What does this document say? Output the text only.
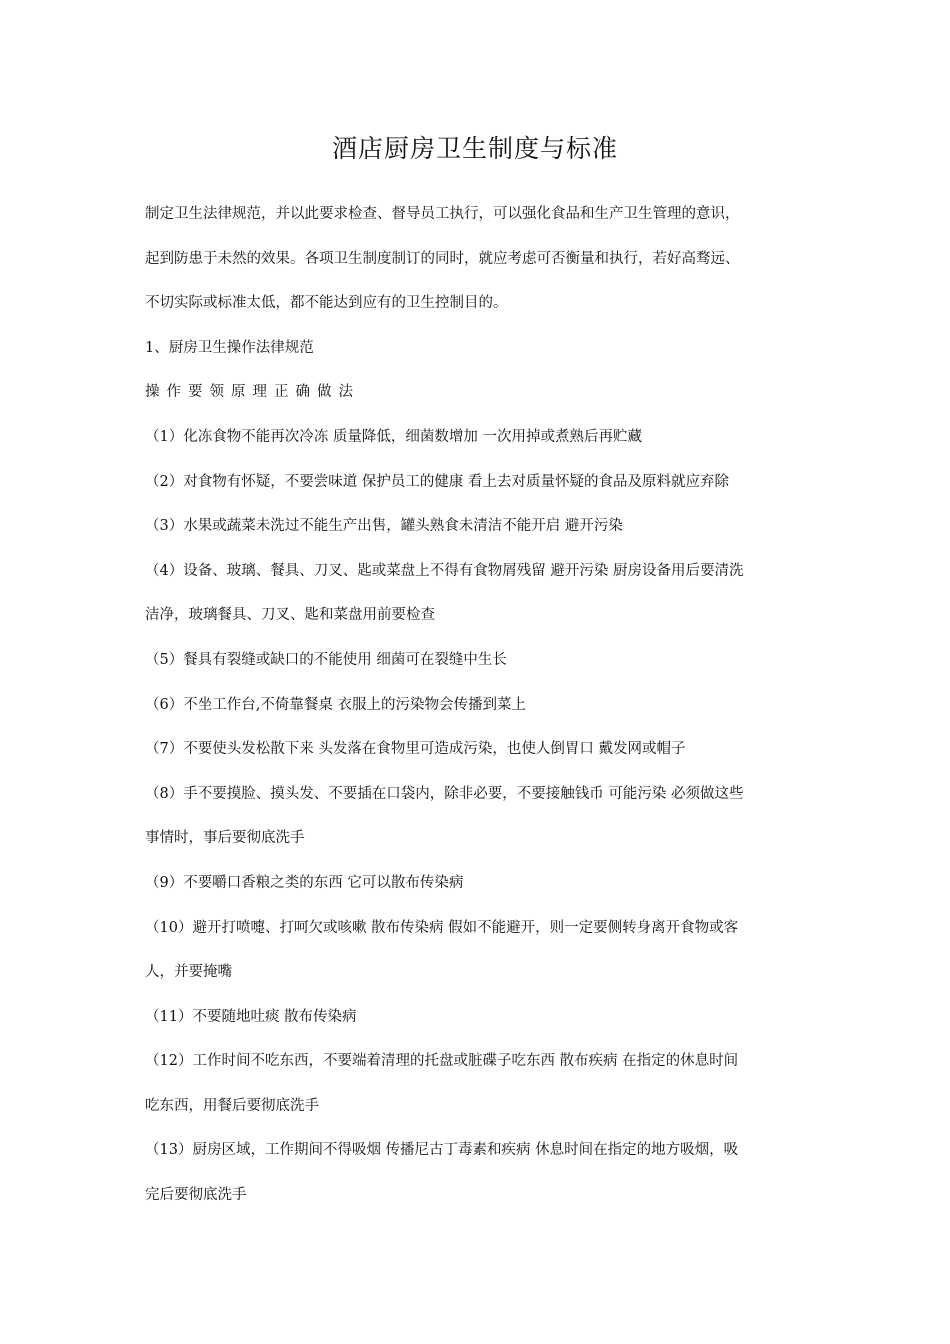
酒店厨房卫生制度与标准
制定卫生法律规范，并以此要求检查、督导员工执行，可以强化食品和生产卫生管理的意识，
起到防患于未然的效果。各项卫生制度制订的同时，就应考虑可否衡量和执行，若好高骛远、
不切实际或标准太低，都不能达到应有的卫生控制目的。
1、厨房卫生操作法律规范
操作要领原理正确做法
（1）化冻食物不能再次冷冻 质量降低，细菌数增加 一次用掉或煮熟后再贮藏
（2）对食物有怀疑，不要尝味道 保护员工的健康 看上去对质量怀疑的食品及原料就应弃除
（3）水果或蔬菜未洗过不能生产出售，罐头熟食未清洁不能开启 避开污染
（4）设备、玻璃、餐具、刀叉、匙或菜盘上不得有食物屑残留 避开污染 厨房设备用后要清洗
洁净，玻璃餐具、刀叉、匙和菜盘用前要检查
（5）餐具有裂缝或缺口的不能使用 细菌可在裂缝中生长
（6）不坐工作台,不倚靠餐桌 衣服上的污染物会传播到菜上
（7）不要使头发松散下来 头发落在食物里可造成污染，也使人倒胃口 戴发网或帽子
（8）手不要摸脸、摸头发、不要插在口袋内，除非必要，不要接触钱币 可能污染 必须做这些
事情时，事后要彻底洗手
（9）不要嚼口香粮之类的东西 它可以散布传染病
（10）避开打喷嚏、打呵欠或咳嗽 散布传染病 假如不能避开，则一定要侧转身离开食物或客
人，并要掩嘴
（11）不要随地吐痰 散布传染病
（12）工作时间不吃东西，不要端着清理的托盘或脏碟子吃东西 散布疾病 在指定的休息时间
吃东西，用餐后要彻底洗手
（13）厨房区域，工作期间不得吸烟 传播尼古丁毒素和疾病 休息时间在指定的地方吸烟，吸
完后要彻底洗手
